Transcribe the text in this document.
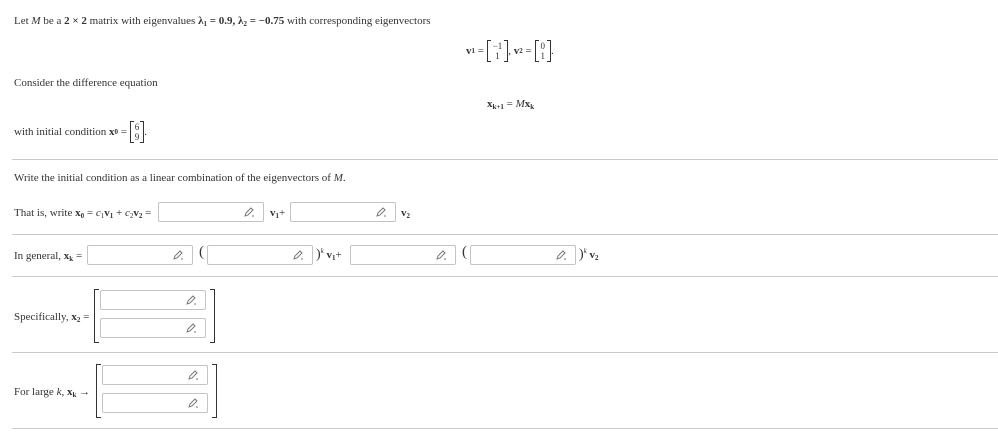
Let M be a 2 × 2 matrix with eigenvalues $\lambda_1 = 0.9$, $\lambda_2 = -0.75$ with corresponding eigenvectors
v 1 = −1
1 , v 2 = 0
1 .
Consider the difference equation
$x_{k+1} = Mx_k$
with initial condition x 0 = 6
9 .
Write the initial condition as a linear combination of the eigenvectors of M.
That is, write $x_0 = c_1v_1 + c_2v_2$ =	$v_1+$	$v_2$
In general, $x_k$ =	(	)$^k$ $v_1+$	(	)$^k$ $v_2$
Specifically, $x_2$ =
For large k, $x_k$ →
